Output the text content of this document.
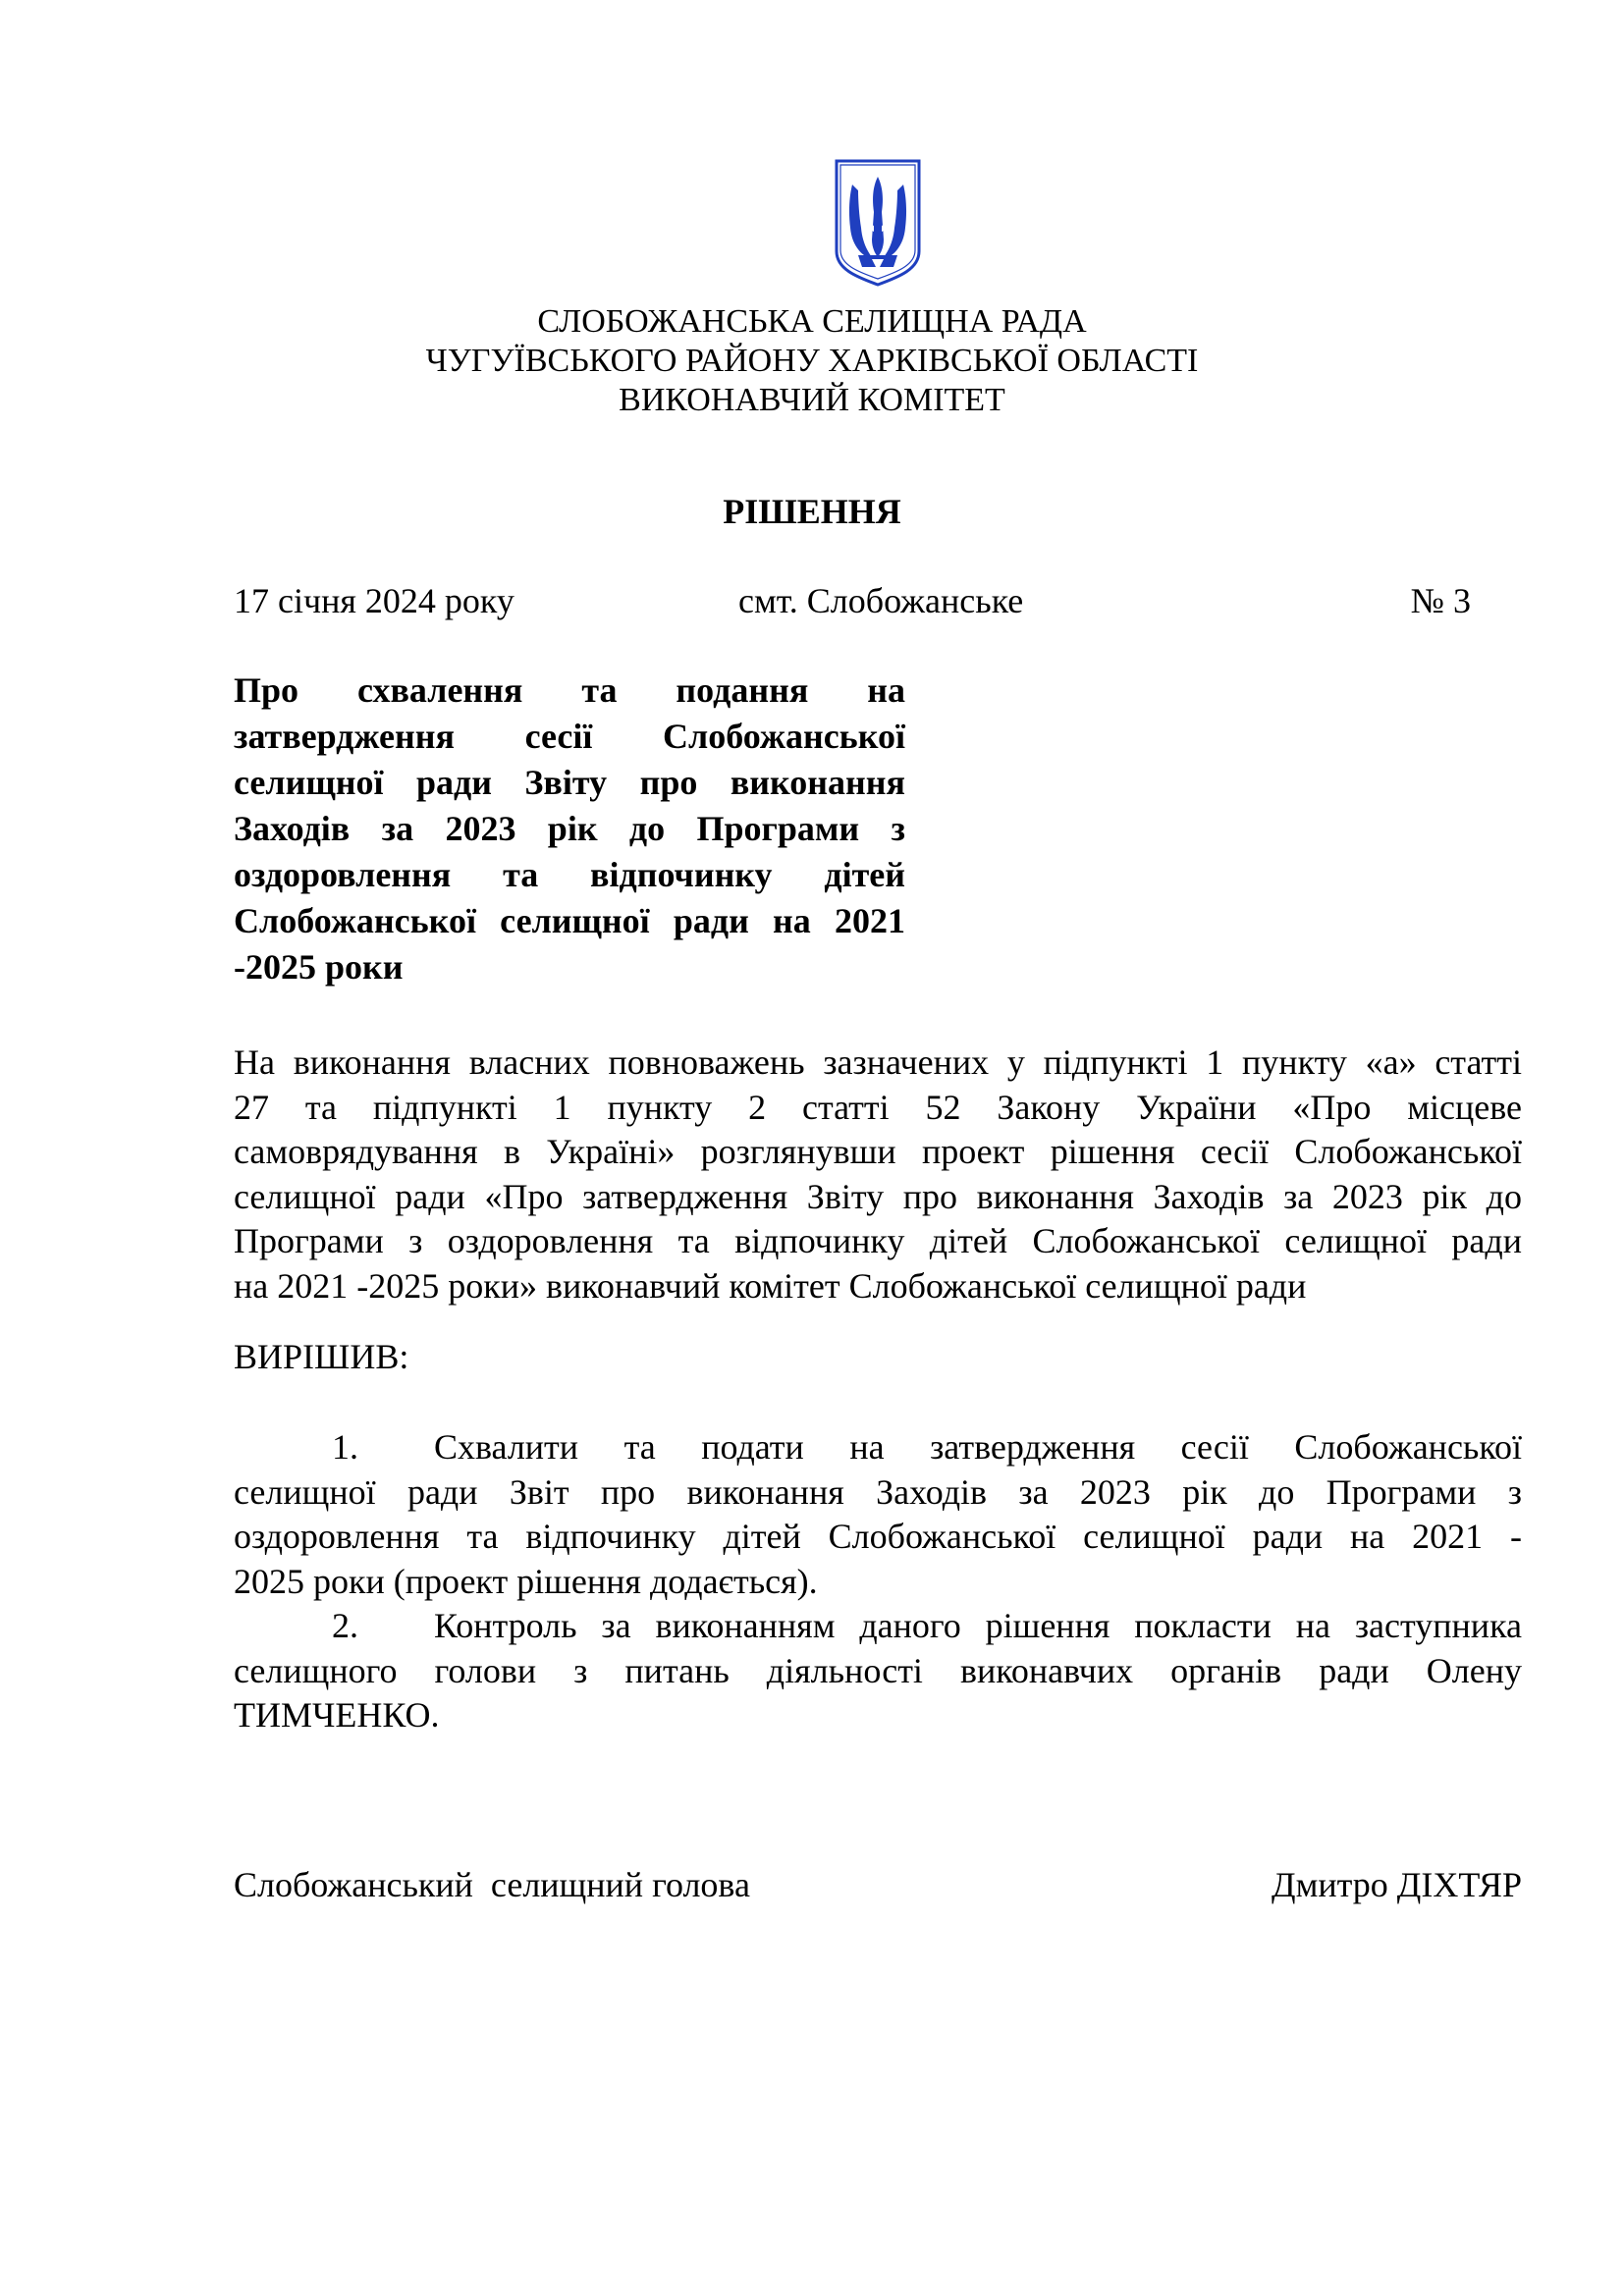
СЛОБОЖАНСЬКА СЕЛИЩНА РАДА
ЧУГУЇВСЬКОГО РАЙОНУ ХАРКІВСЬКОЇ ОБЛАСТІ
ВИКОНАВЧИЙ КОМІТЕТ
РІШЕННЯ
17 січня 2024 року	смт. Слобожанське	№ 3
Про схвалення та подання на
затвердження сесії Слобожанської
селищної ради Звіту про виконання
Заходів за 2023 рік до Програми з
оздоровлення та відпочинку дітей
Слобожанської селищної ради на 2021
-2025 роки
На виконання власних повноважень зазначених у підпункті 1 пункту «а» статті
27 та підпункті 1 пункту 2 статті 52 Закону України «Про місцеве
самоврядування в Україні» розглянувши проект рішення сесії Слобожанської
селищної ради «Про затвердження Звіту про виконання Заходів за 2023 рік до
Програми з оздоровлення та відпочинку дітей Слобожанської селищної ради
на 2021 -2025 роки» виконавчий комітет Слобожанської селищної ради
ВИРІШИВ:
1. Схвалити та подати на затвердження сесії Слобожанської
селищної ради Звіт про виконання Заходів за 2023 рік до Програми з
оздоровлення та відпочинку дітей Слобожанської селищної ради на 2021 -
2025 роки (проект рішення додається).
2. Контроль за виконанням даного рішення покласти на заступника
селищного голови з питань діяльності виконавчих органів ради Олену
ТИМЧЕНКО.
Слобожанський  селищний голова	Дмитро ДІХТЯР
